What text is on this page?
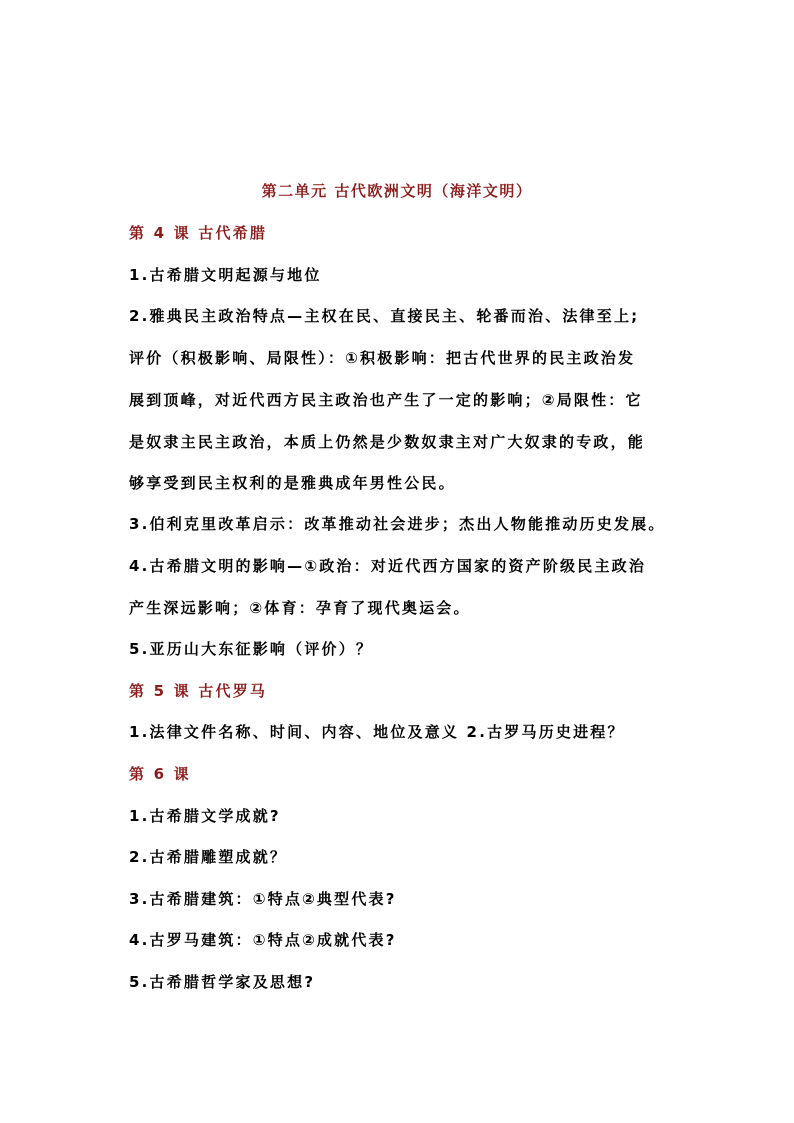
第二单元 古代欧洲文明（海洋文明）
第 4 课 古代希腊
1.古希腊文明起源与地位
2.雅典民主政治特点—主权在民、直接民主、轮番而治、法律至上;
评价（积极影响、局限性）：①积极影响：把古代世界的民主政治发
展到顶峰，对近代西方民主政治也产生了一定的影响；②局限性：它
是奴隶主民主政治，本质上仍然是少数奴隶主对广大奴隶的专政，能
够享受到民主权利的是雅典成年男性公民。
3.伯利克里改革启示：改革推动社会进步；杰出人物能推动历史发展。
4.古希腊文明的影响—①政治：对近代西方国家的资产阶级民主政治
产生深远影响；②体育：孕育了现代奥运会。
5.亚历山大东征影响（评价）？
第 5 课 古代罗马
1.法律文件名称、时间、内容、地位及意义 2.古罗马历史进程？
第 6 课
1.古希腊文学成就?
2.古希腊雕塑成就？
3.古希腊建筑：①特点②典型代表?
4.古罗马建筑：①特点②成就代表?
5.古希腊哲学家及思想?
